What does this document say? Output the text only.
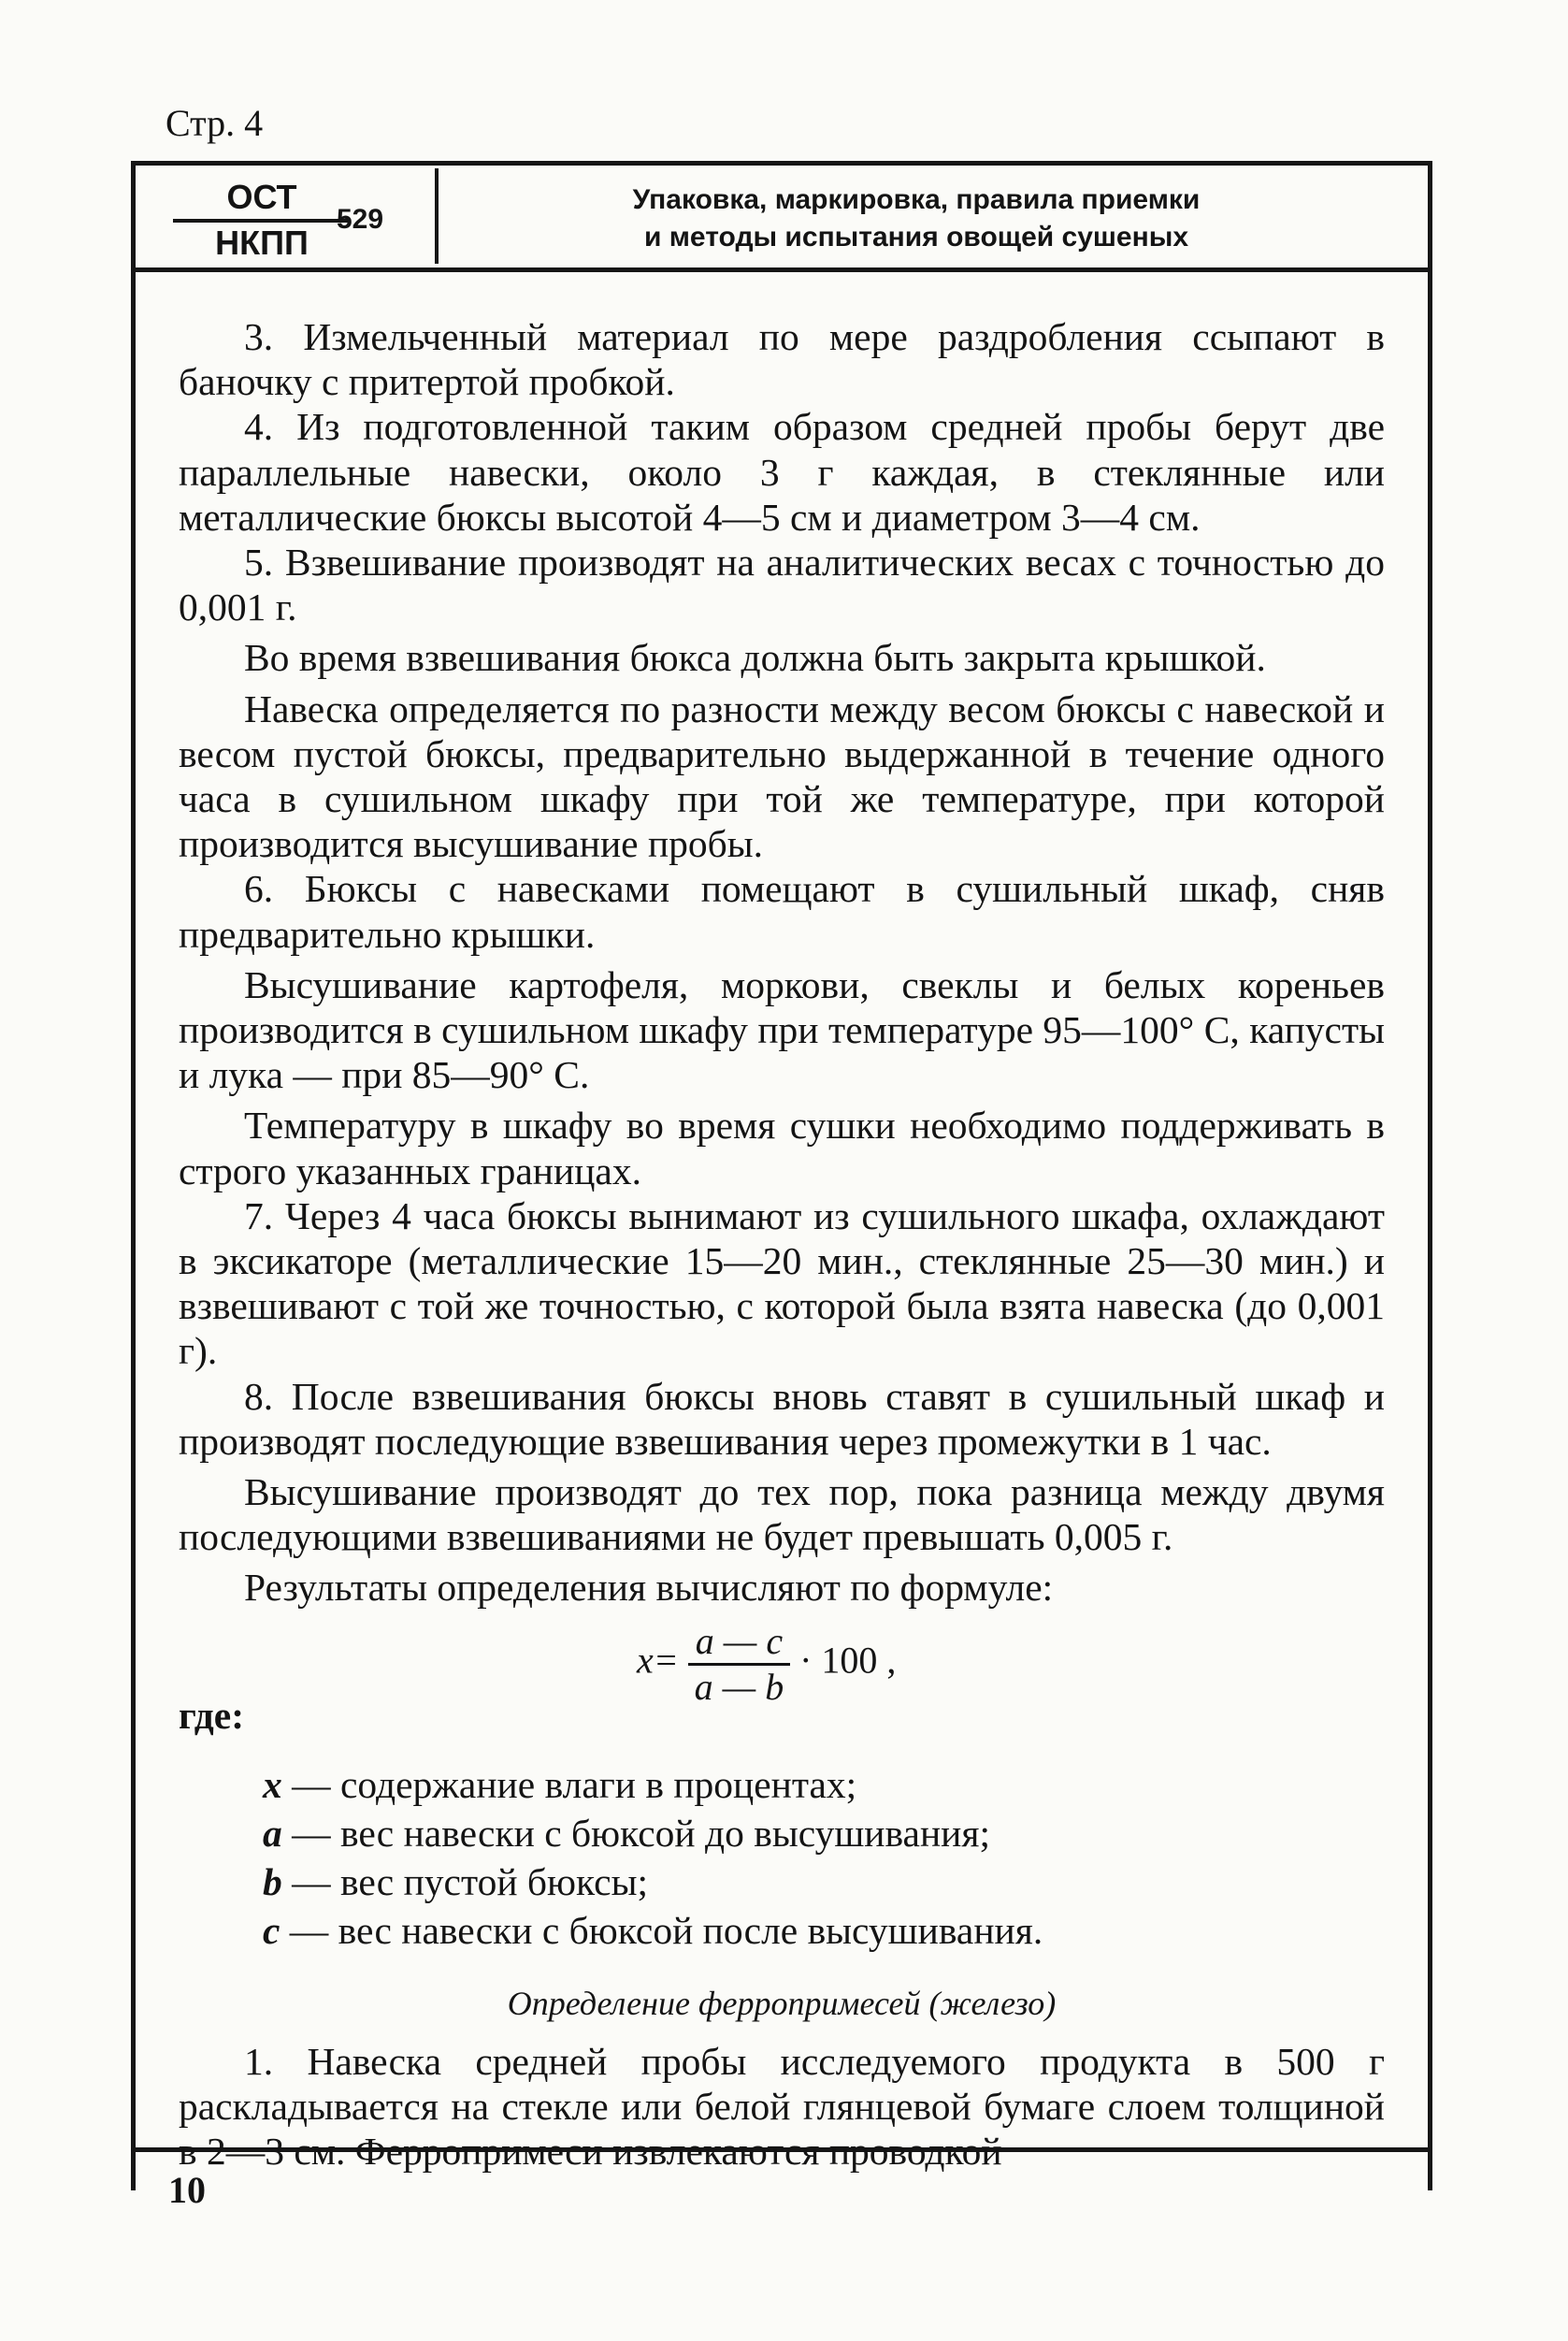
Стр. 4
ОСТ
НКПП
529
Упаковка, маркировка, правила приемки
и методы испытания овощей сушеных

3. Измельченный материал по мере раздробления ссыпают в баночку с притертой пробкой.

4. Из подготовленной таким образом средней пробы берут две параллельные навески, около 3 г каждая, в стеклянные или металлические бюксы высотой 4—5 см и диаметром 3—4 см.

5. Взвешивание производят на аналитических весах с точностью до 0,001 г.

Во время взвешивания бюкса должна быть закрыта крышкой.

Навеска определяется по разности между весом бюксы с навеской и весом пустой бюксы, предварительно выдержанной в течение одного часа в сушильном шкафу при той же температуре, при которой производится высушивание пробы.

6. Бюксы с навесками помещают в сушильный шкаф, сняв предварительно крышки.

Высушивание картофеля, моркови, свеклы и белых кореньев производится в сушильном шкафу при температуре 95—100° С, капусты и лука — при 85—90° С.

Температуру в шкафу во время сушки необходимо поддерживать в строго указанных границах.

7. Через 4 часа бюксы вынимают из сушильного шкафа, охлаждают в эксикаторе (металлические 15—20 мин., стеклянные 25—30 мин.) и взвешивают с той же точностью, с которой была взята навеска (до 0,001 г).

8. После взвешивания бюксы вновь ставят в сушильный шкаф и производят последующие взвешивания через промежутки в 1 час.

Высушивание производят до тех пор, пока разница между двумя последующими взвешиваниями не будет превышать 0,005 г.

Результаты определения вычисляют по формуле:

где:
$x= \frac{a — c}{a — b} \cdot 100$ ,
x — содержание влаги в процентах;
a — вес навески с бюксой до высушивания;
b — вес пустой бюксы;
c — вес навески с бюксой после высушивания.
Определение ферропримесей (железо)

1. Навеска средней пробы исследуемого продукта в 500 г раскладывается на стекле или белой глянцевой бумаге слоем толщиной в 2—3 см. Ферропримеси извлекаются проводкой

10
